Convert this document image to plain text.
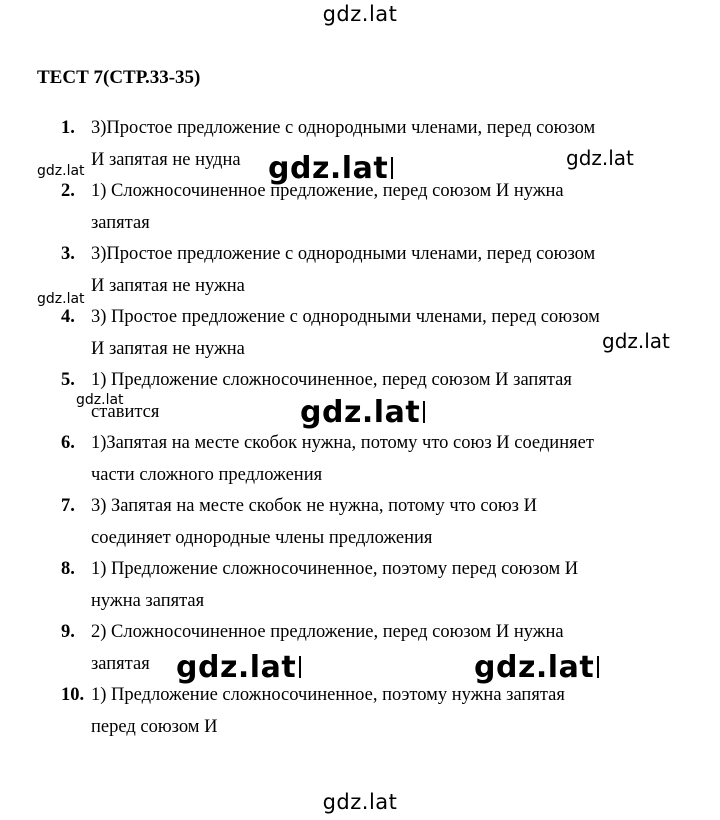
gdz.lat
ТЕСТ 7(СТР.33-35)
1. 3)Простое предложение с однородными членами, перед союзом
И запятая не нудна
2. 1) Сложносочиненное предложение, перед союзом И нужна
запятая
3. 3)Простое предложение с однородными членами, перед союзом
И запятая не нужна
4. 3) Простое предложение с однородными членами, перед союзом
И запятая не нужна
5. 1) Предложение сложносочиненное, перед союзом И запятая
ставится
6. 1)Запятая на месте скобок нужна, потому что союз И соединяет
части сложного предложения
7. 3) Запятая на месте скобок не нужна, потому что союз И
соединяет однородные члены предложения
8. 1) Предложение сложносочиненное, поэтому перед союзом И
нужна запятая
9. 2) Сложносочиненное предложение, перед союзом И нужна
запятая
10. 1) Предложение сложносочиненное, поэтому нужна запятая
перед союзом И
gdz.lat	gdz.lat	gdz.lat
gdz.lat
gdz.lat
gdz.lat	gdz.lat
gdz.lat	gdz.lat
gdz.lat
